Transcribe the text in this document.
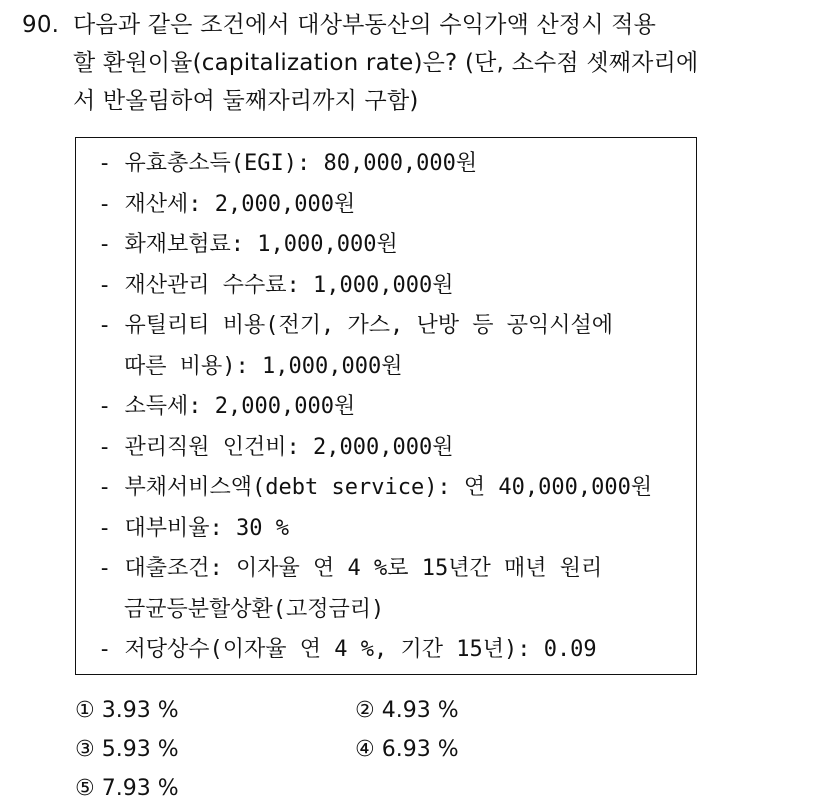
90. 다음과 같은 조건에서 대상부동산의 수익가액 산정시 적용
할 환원이율(capitalization rate)은? (단, 소수점 셋째자리에
서 반올림하여 둘째자리까지 구함)
- 유효총소득(EGI): 80,000,000원
- 재산세: 2,000,000원
- 화재보험료: 1,000,000원
- 재산관리 수수료: 1,000,000원
- 유틸리티 비용(전기, 가스, 난방 등 공익시설에
따른 비용): 1,000,000원
- 소득세: 2,000,000원
- 관리직원 인건비: 2,000,000원
- 부채서비스액(debt service): 연 40,000,000원
- 대부비율: 30 %
- 대출조건: 이자율 연 4 %로 15년간 매년 원리
금균등분할상환(고정금리)
- 저당상수(이자율 연 4 %, 기간 15년): 0.09
① 3.93 %	② 4.93 %
③ 5.93 %	④ 6.93 %
⑤ 7.93 %
